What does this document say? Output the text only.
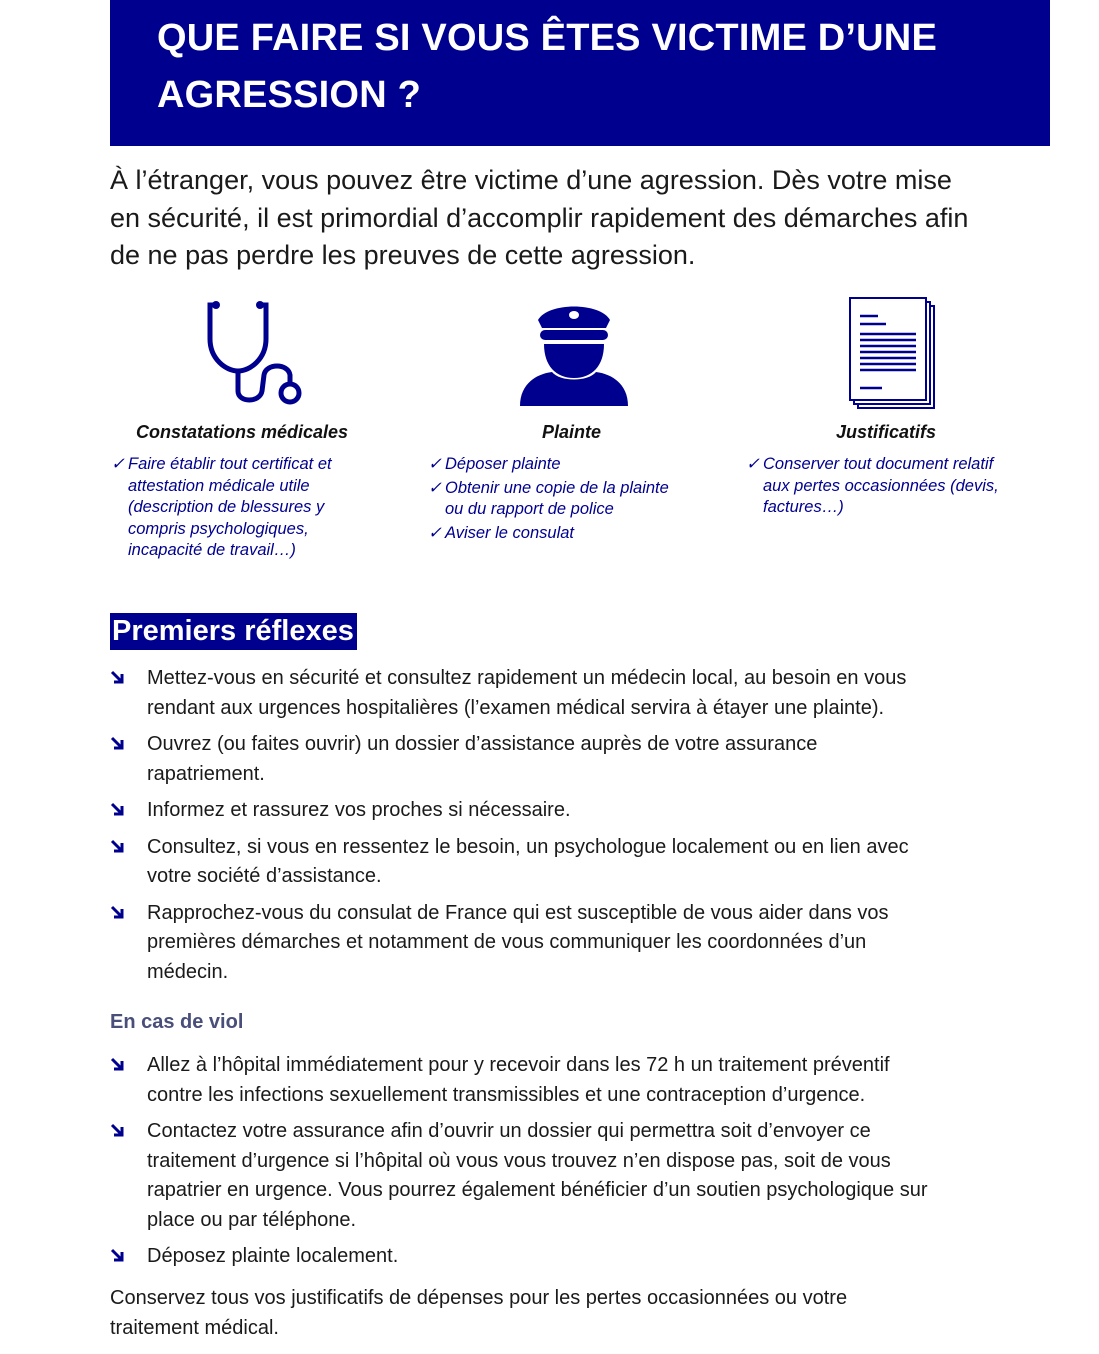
QUE FAIRE SI VOUS ÊTES VICTIME D’UNE
AGRESSION ?

À l’étranger, vous pouvez être victime d’une agression. Dès votre mise
en sécurité, il est primordial d’accomplir rapidement des démarches afin
de ne pas perdre les preuves de cette agression.

Constatations médicales
✓ Faire établir tout certificat et
attestation médicale utile
(description de blessures y
compris psychologiques,
incapacité de travail…)
Plainte
✓ Déposer plainte
✓ Obtenir une copie de la plainte
ou du rapport de police
✓ Aviser le consulat
Justificatifs
✓ Conserver tout document relatif
aux pertes occasionnées (devis,
factures…)
Premiers réflexes
Mettez-vous en sécurité et consultez rapidement un médecin local, au besoin en vous
rendant aux urgences hospitalières (l’examen médical servira à étayer une plainte).
Ouvrez (ou faites ouvrir) un dossier d’assistance auprès de votre assurance
rapatriement.
Informez et rassurez vos proches si nécessaire.
Consultez, si vous en ressentez le besoin, un psychologue localement ou en lien avec
votre société d’assistance.
Rapprochez-vous du consulat de France qui est susceptible de vous aider dans vos
premières démarches et notamment de vous communiquer les coordonnées d’un
médecin.
En cas de viol
Allez à l’hôpital immédiatement pour y recevoir dans les 72 h un traitement préventif
contre les infections sexuellement transmissibles et une contraception d’urgence.
Contactez votre assurance afin d’ouvrir un dossier qui permettra soit d’envoyer ce
traitement d’urgence si l’hôpital où vous vous trouvez n’en dispose pas, soit de vous
rapatrier en urgence. Vous pourrez également bénéficier d’un soutien psychologique sur
place ou par téléphone.
Déposez plainte localement.

Conservez tous vos justificatifs de dépenses pour les pertes occasionnées ou votre
traitement médical.
